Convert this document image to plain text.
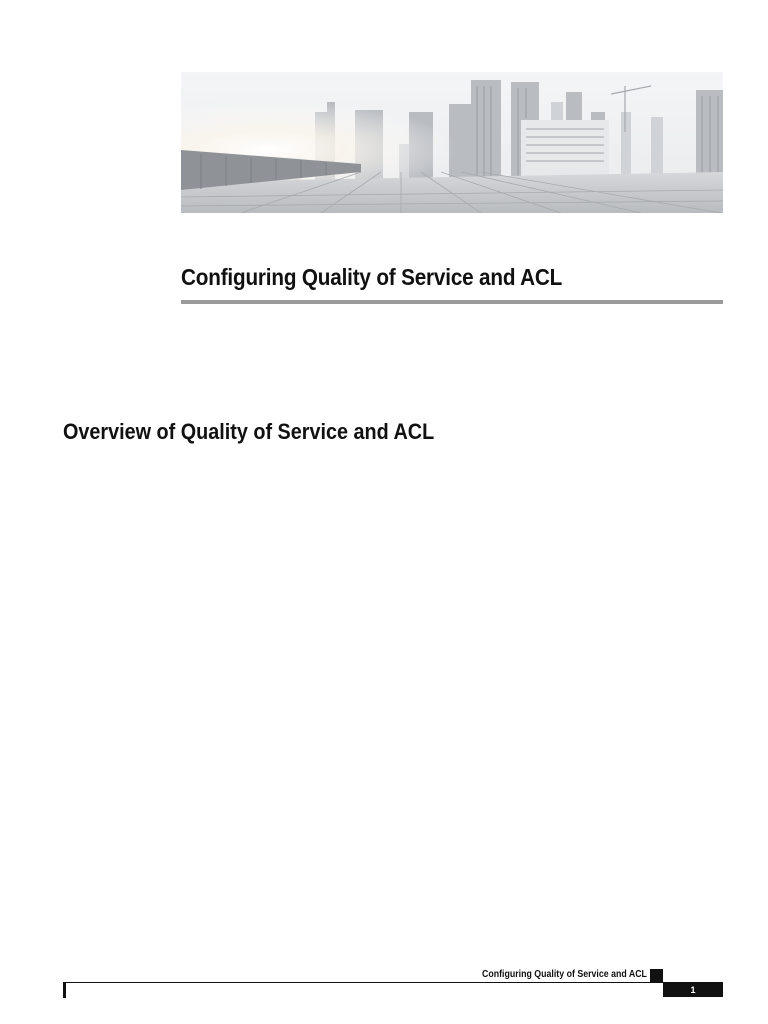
Configuring Quality of Service and ACL
Overview of Quality of Service and ACL
Configuring Quality of Service and ACL
1
